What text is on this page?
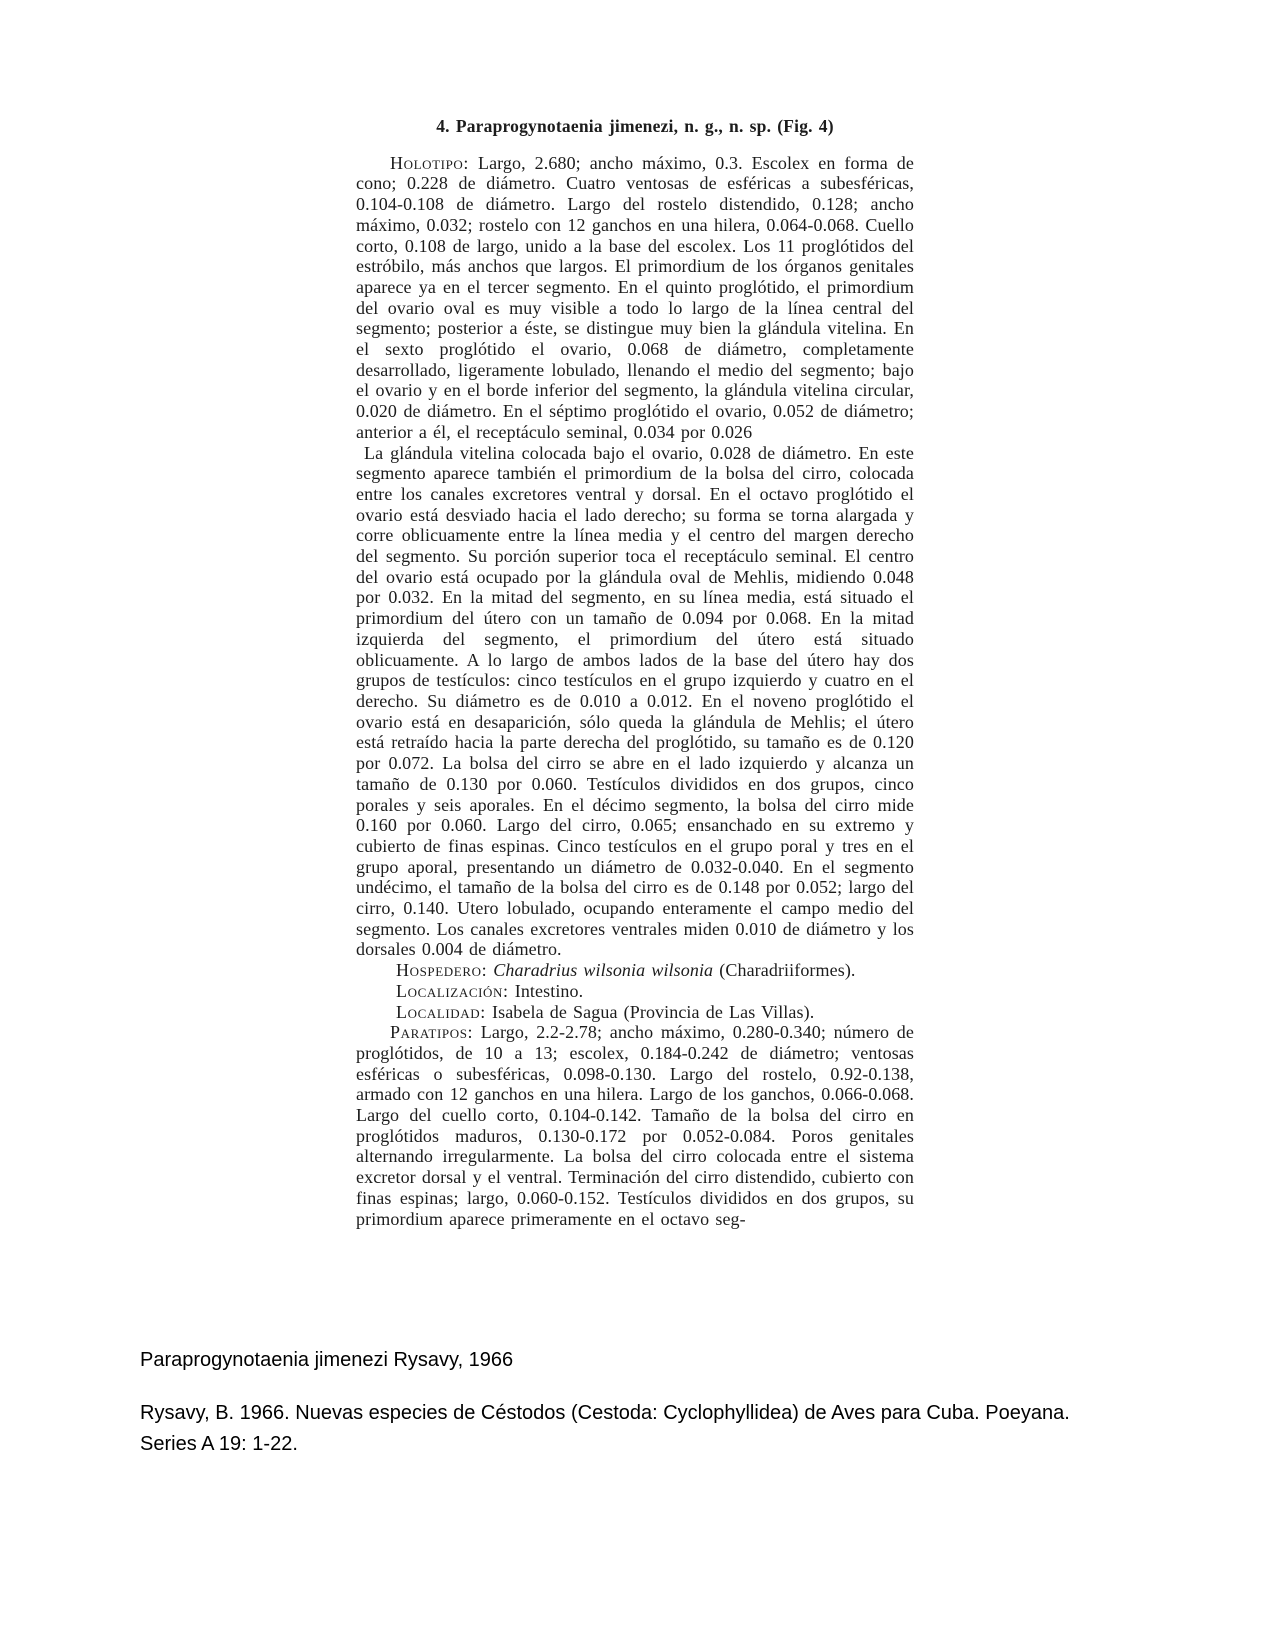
4. Paraprogynotaenia jimenezi, n. g., n. sp. (Fig. 4)

Holotipo: Largo, 2.680; ancho máximo, 0.3. Escolex en forma de cono; 0.228 de diámetro. Cuatro ventosas de esféricas a subesféricas, 0.104-0.108 de diámetro. Largo del rostelo distendido, 0.128; ancho máximo, 0.032; rostelo con 12 ganchos en una hilera, 0.064-0.068. Cuello corto, 0.108 de largo, unido a la base del escolex. Los 11 proglótidos del estróbilo, más anchos que largos. El primordium de los órganos genitales aparece ya en el tercer segmento. En el quinto proglótido, el primordium del ovario oval es muy visible a todo lo largo de la línea central del segmento; posterior a éste, se distingue muy bien la glándula vitelina. En el sexto proglótido el ovario, 0.068 de diámetro, completamente desarrollado, ligeramente lobulado, llenando el medio del segmento; bajo el ovario y en el borde inferior del segmento, la glándula vitelina circular, 0.020 de diámetro. En el séptimo proglótido el ovario, 0.052 de diámetro; anterior a él, el receptáculo seminal, 0.034 por 0.026

La glándula vitelina colocada bajo el ovario, 0.028 de diámetro. En este segmento aparece también el primordium de la bolsa del cirro, colocada entre los canales excretores ventral y dorsal. En el octavo proglótido el ovario está desviado hacia el lado derecho; su forma se torna alargada y corre oblicuamente entre la línea media y el centro del margen derecho del segmento. Su porción superior toca el receptáculo seminal. El centro del ovario está ocupado por la glándula oval de Mehlis, midiendo 0.048 por 0.032. En la mitad del segmento, en su línea media, está situado el primordium del útero con un tamaño de 0.094 por 0.068. En la mitad izquierda del segmento, el primordium del útero está situado oblicuamente. A lo largo de ambos lados de la base del útero hay dos grupos de testículos: cinco testículos en el grupo izquierdo y cuatro en el derecho. Su diámetro es de 0.010 a 0.012. En el noveno proglótido el ovario está en desaparición, sólo queda la glándula de Mehlis; el útero está retraído hacia la parte derecha del proglótido, su tamaño es de 0.120 por 0.072. La bolsa del cirro se abre en el lado izquierdo y alcanza un tamaño de 0.130 por 0.060. Testículos divididos en dos grupos, cinco porales y seis aporales. En el décimo segmento, la bolsa del cirro mide 0.160 por 0.060. Largo del cirro, 0.065; ensanchado en su extremo y cubierto de finas espinas. Cinco testículos en el grupo poral y tres en el grupo aporal, presentando un diámetro de 0.032-0.040. En el segmento undécimo, el tamaño de la bolsa del cirro es de 0.148 por 0.052; largo del cirro, 0.140. Utero lobulado, ocupando enteramente el campo medio del segmento. Los canales excretores ventrales miden 0.010 de diámetro y los dorsales 0.004 de diámetro.

Hospedero: Charadrius wilsonia wilsonia (Charadriiformes).

Localización: Intestino.

Localidad: Isabela de Sagua (Provincia de Las Villas).

Paratipos: Largo, 2.2-2.78; ancho máximo, 0.280-0.340; número de proglótidos, de 10 a 13; escolex, 0.184-0.242 de diámetro; ventosas esféricas o subesféricas, 0.098-0.130. Largo del rostelo, 0.92-0.138, armado con 12 ganchos en una hilera. Largo de los ganchos, 0.066-0.068. Largo del cuello corto, 0.104-0.142. Tamaño de la bolsa del cirro en proglótidos maduros, 0.130-0.172 por 0.052-0.084. Poros genitales alternando irregularmente. La bolsa del cirro colocada entre el sistema excretor dorsal y el ventral. Terminación del cirro distendido, cubierto con finas espinas; largo, 0.060-0.152. Testículos divididos en dos grupos, su primordium aparece primeramente en el octavo seg-

Paraprogynotaenia jimenezi Rysavy, 1966
Rysavy, B. 1966. Nuevas especies de Céstodos (Cestoda: Cyclophyllidea) de Aves para Cuba. Poeyana. Series A 19: 1-22.
